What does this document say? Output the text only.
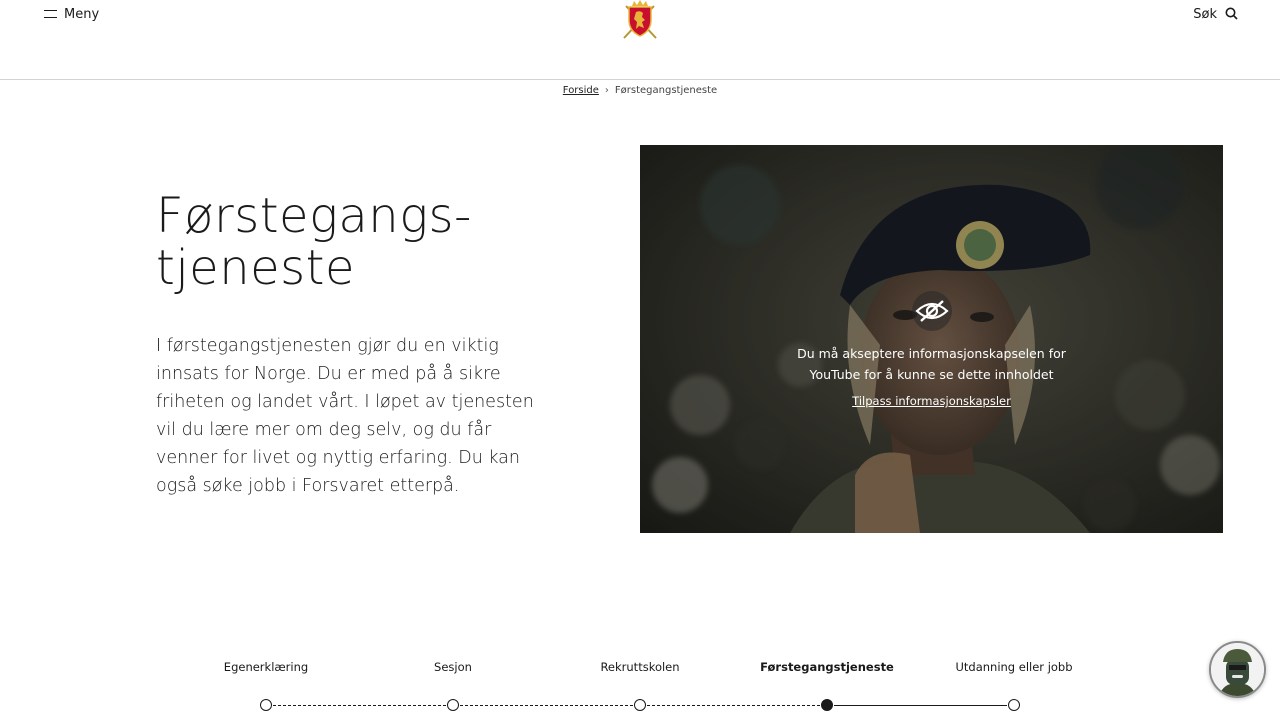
Meny	Søk
Forside › Førstegangstjeneste
Førstegangs-
tjeneste

I førstegangstjenesten gjør du en viktig innsats for Norge. Du er med på å sikre friheten og landet vårt. I løpet av tjenesten vil du lære mer om deg selv, og du får venner for livet og nyttig erfaring. Du kan også søke jobb i Forsvaret etterpå.

Du må akseptere informasjonskapselen for YouTube for å kunne se dette innholdet

Tilpass informasjonskapsler
Egenerklæring	Sesjon	Rekruttskolen	Førstegangstjeneste	Utdanning eller jobb
